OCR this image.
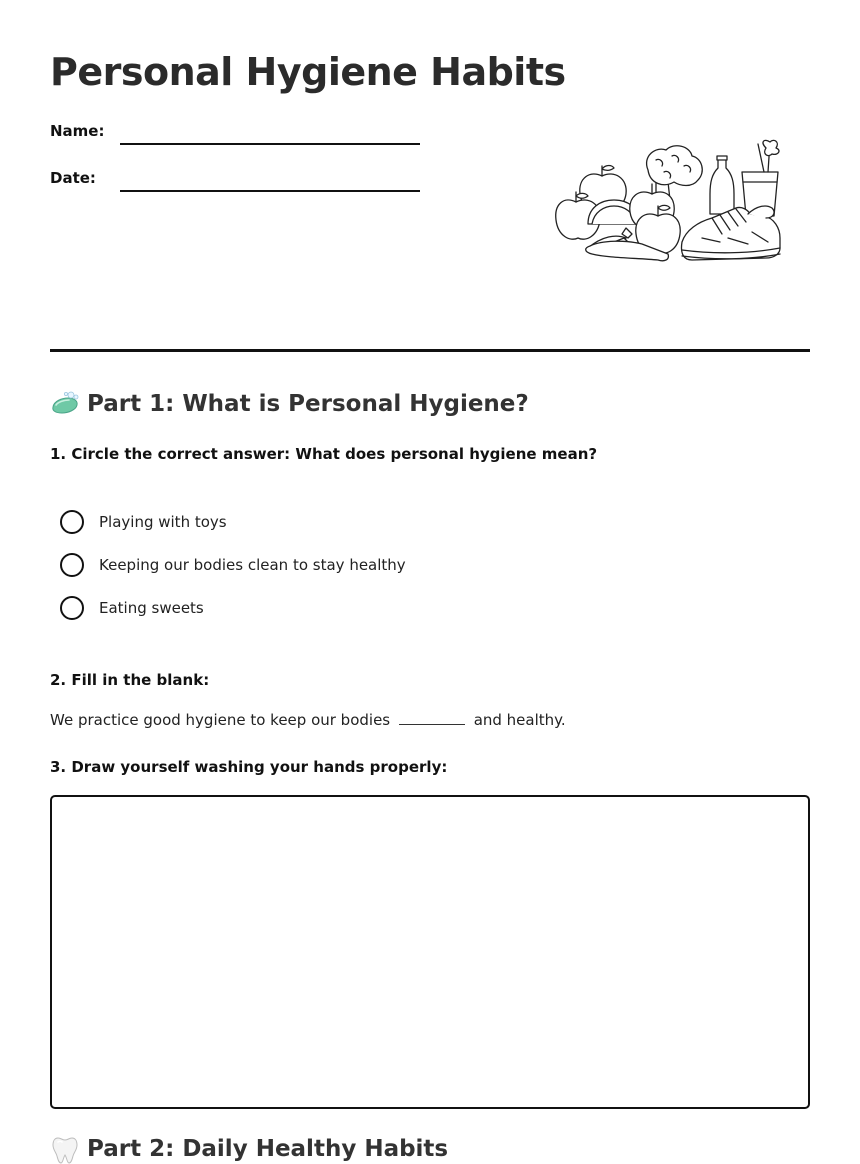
Personal Hygiene Habits
Name:
Date:
Part 1: What is Personal Hygiene?

1. Circle the correct answer: What does personal hygiene mean?

Playing with toys
Keeping our bodies clean to stay healthy
Eating sweets

2. Fill in the blank:

We practice good hygiene to keep our bodies	and healthy.

3. Draw yourself washing your hands properly:

Part 2: Daily Healthy Habits
